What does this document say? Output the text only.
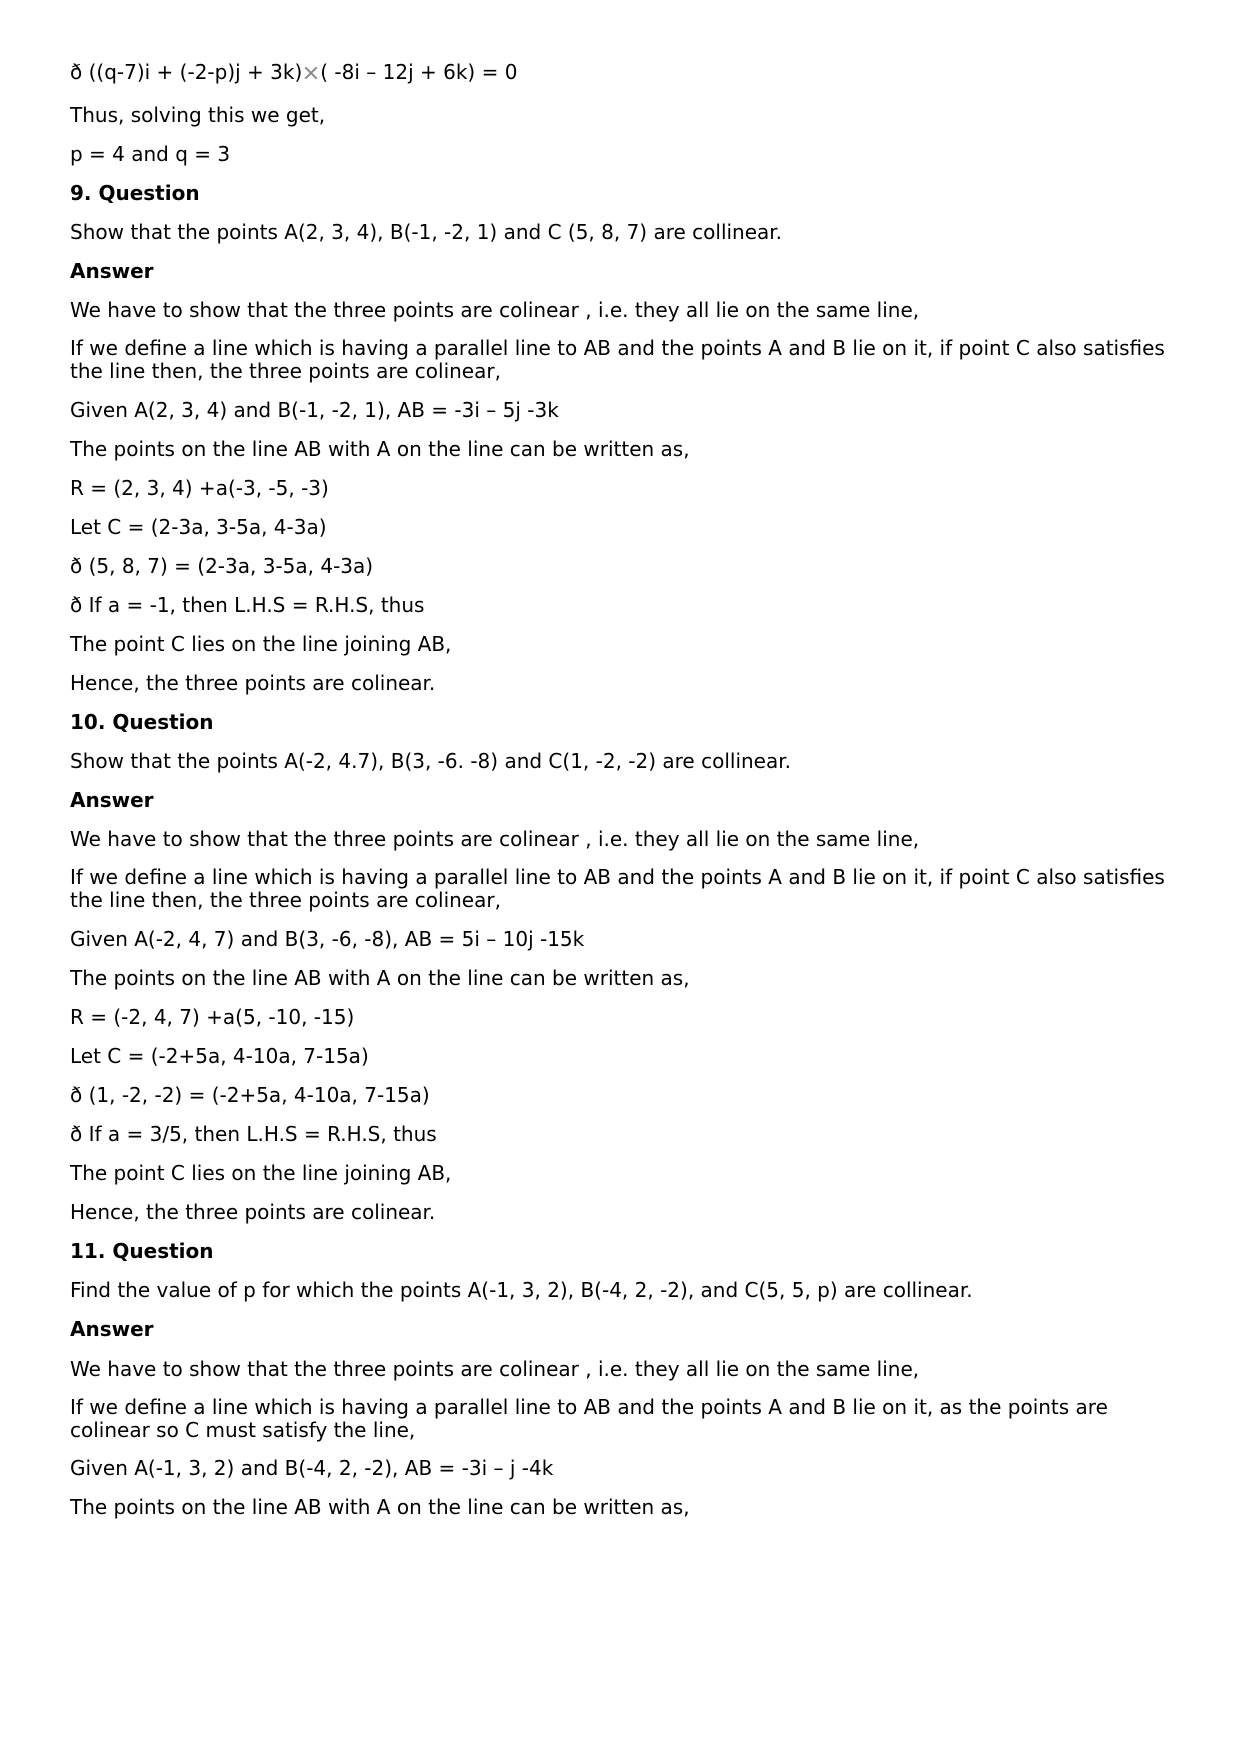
ð ((q-7)i + (-2-p)j + 3k) ( -8i – 12j + 6k) = 0
Thus, solving this we get,
p = 4 and q = 3
9. Question
Show that the points A(2, 3, 4), B(-1, -2, 1) and C (5, 8, 7) are collinear.
Answer
We have to show that the three points are colinear , i.e. they all lie on the same line,
If we define a line which is having a parallel line to AB and the points A and B lie on it, if point C also satisfies the line then, the three points are colinear,
Given A(2, 3, 4) and B(-1, -2, 1), AB = -3i – 5j -3k
The points on the line AB with A on the line can be written as,
R = (2, 3, 4) +a(-3, -5, -3)
Let C = (2-3a, 3-5a, 4-3a)
ð (5, 8, 7) = (2-3a, 3-5a, 4-3a)
ð If a = -1, then L.H.S = R.H.S, thus
The point C lies on the line joining AB,
Hence, the three points are colinear.
10. Question
Show that the points A(-2, 4.7), B(3, -6. -8) and C(1, -2, -2) are collinear.
Answer
We have to show that the three points are colinear , i.e. they all lie on the same line,
If we define a line which is having a parallel line to AB and the points A and B lie on it, if point C also satisfies the line then, the three points are colinear,
Given A(-2, 4, 7) and B(3, -6, -8), AB = 5i – 10j -15k
The points on the line AB with A on the line can be written as,
R = (-2, 4, 7) +a(5, -10, -15)
Let C = (-2+5a, 4-10a, 7-15a)
ð (1, -2, -2) = (-2+5a, 4-10a, 7-15a)
ð If a = 3/5, then L.H.S = R.H.S, thus
The point C lies on the line joining AB,
Hence, the three points are colinear.
11. Question
Find the value of p for which the points A(-1, 3, 2), B(-4, 2, -2), and C(5, 5, p) are collinear.
Answer
We have to show that the three points are colinear , i.e. they all lie on the same line,
If we define a line which is having a parallel line to AB and the points A and B lie on it, as the points are colinear so C must satisfy the line,
Given A(-1, 3, 2) and B(-4, 2, -2), AB = -3i – j -4k
The points on the line AB with A on the line can be written as,
